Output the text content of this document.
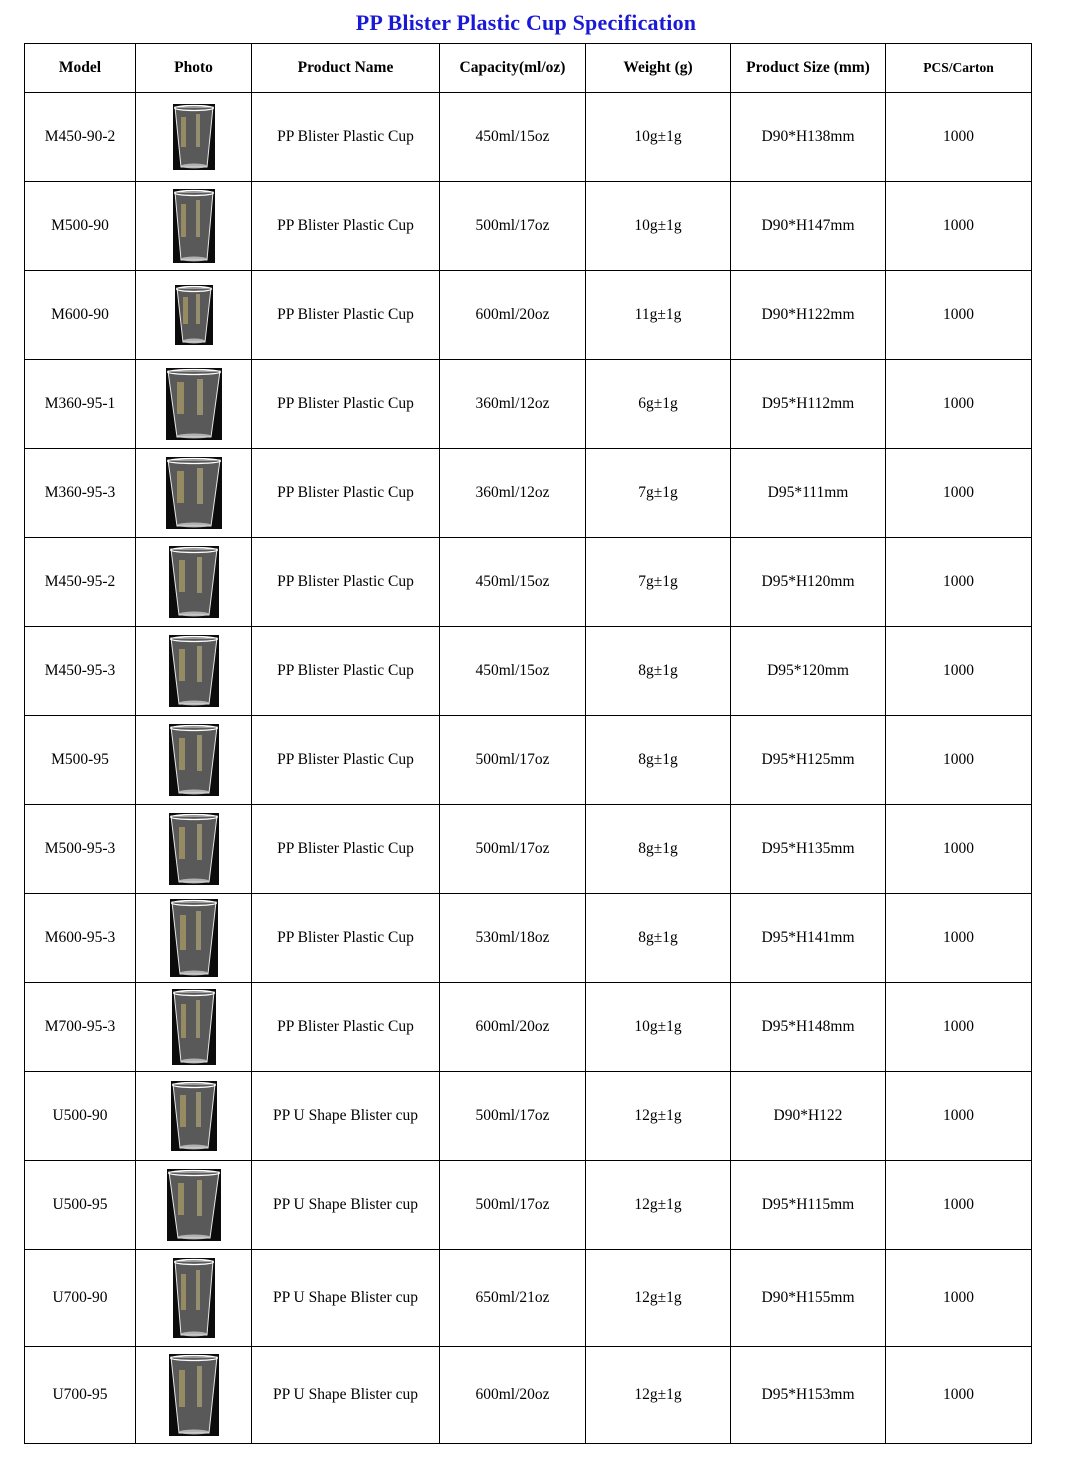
PP Blister Plastic Cup Specification
Model	Photo	Product Name	Capacity(ml/oz)	Weight (g)	Product Size (mm)	PCS/Carton
M450-90-2		PP Blister Plastic Cup	450ml/15oz	10g±1g	D90*H138mm	1000
M500-90		PP Blister Plastic Cup	500ml/17oz	10g±1g	D90*H147mm	1000
M600-90		PP Blister Plastic Cup	600ml/20oz	11g±1g	D90*H122mm	1000
M360-95-1		PP Blister Plastic Cup	360ml/12oz	6g±1g	D95*H112mm	1000
M360-95-3		PP Blister Plastic Cup	360ml/12oz	7g±1g	D95*111mm	1000
M450-95-2		PP Blister Plastic Cup	450ml/15oz	7g±1g	D95*H120mm	1000
M450-95-3		PP Blister Plastic Cup	450ml/15oz	8g±1g	D95*120mm	1000
M500-95		PP Blister Plastic Cup	500ml/17oz	8g±1g	D95*H125mm	1000
M500-95-3		PP Blister Plastic Cup	500ml/17oz	8g±1g	D95*H135mm	1000
M600-95-3		PP Blister Plastic Cup	530ml/18oz	8g±1g	D95*H141mm	1000
M700-95-3		PP Blister Plastic Cup	600ml/20oz	10g±1g	D95*H148mm	1000
U500-90		PP U Shape Blister cup	500ml/17oz	12g±1g	D90*H122	1000
U500-95		PP U Shape Blister cup	500ml/17oz	12g±1g	D95*H115mm	1000
U700-90		PP U Shape Blister cup	650ml/21oz	12g±1g	D90*H155mm	1000
U700-95		PP U Shape Blister cup	600ml/20oz	12g±1g	D95*H153mm	1000
